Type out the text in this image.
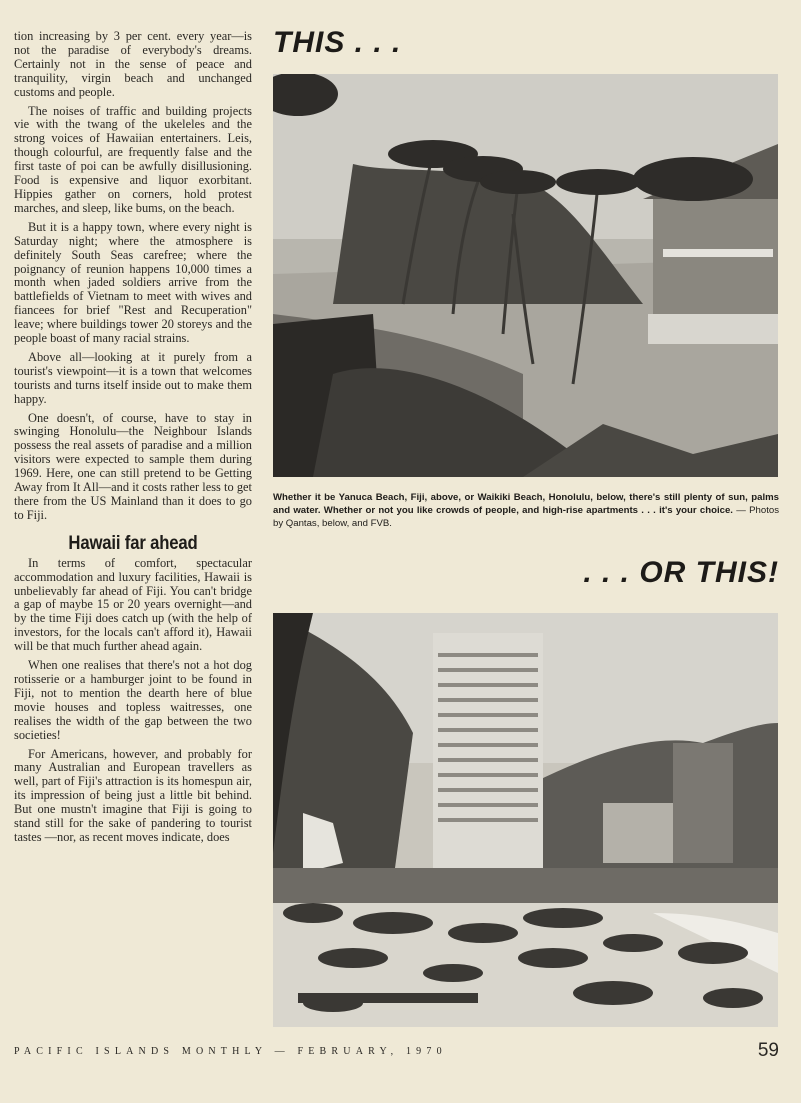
tion increasing by 3 per cent. every year—is not the paradise of everybody's dreams. Certainly not in the sense of peace and tranquility, virgin beach and unchanged customs and people.

The noises of traffic and building projects vie with the twang of the ukeleles and the strong voices of Hawaiian entertainers. Leis, though colourful, are frequently false and the first taste of poi can be awfully disillusioning. Food is expensive and liquor exorbitant. Hippies gather on corners, hold protest marches, and sleep, like bums, on the beach.

But it is a happy town, where every night is Saturday night; where the atmosphere is definitely South Seas carefree; where the poignancy of reunion happens 10,000 times a month when jaded soldiers arrive from the battlefields of Vietnam to meet with wives and fiancees for brief "Rest and Recuperation" leave; where buildings tower 20 storeys and the people boast of many racial strains.

Above all—looking at it purely from a tourist's viewpoint—it is a town that welcomes tourists and turns itself inside out to make them happy.

One doesn't, of course, have to stay in swinging Honolulu—the Neighbour Islands possess the real assets of paradise and a million visitors were expected to sample them during 1969. Here, one can still pretend to be Getting Away from It All—and it costs rather less to get there from the US Mainland than it does to go to Fiji.

Hawaii far ahead

In terms of comfort, spectacular accommodation and luxury facilities, Hawaii is unbelievably far ahead of Fiji. You can't bridge a gap of maybe 15 or 20 years overnight—and by the time Fiji does catch up (with the help of investors, for the locals can't afford it), Hawaii will be that much further ahead again.

When one realises that there's not a hot dog rotisserie or a hamburger joint to be found in Fiji, not to mention the dearth here of blue movie houses and topless waitresses, one realises the width of the gap between the two societies!

For Americans, however, and probably for many Australian and European travellers as well, part of Fiji's attraction is its homespun air, its impression of being just a little bit behind. But one mustn't imagine that Fiji is going to stand still for the sake of pandering to tourist tastes —nor, as recent moves indicate, does

THIS . . .
Whether it be Yanuca Beach, Fiji, above, or Waikiki Beach, Honolulu, below, there's still plenty of sun, palms and water. Whether or not you like crowds of people, and high-rise apartments . . . it's your choice. — Photos by Qantas, below, and FVB.
. . . OR THIS!
PACIFIC ISLANDS MONTHLY — FEBRUARY, 1970	59
